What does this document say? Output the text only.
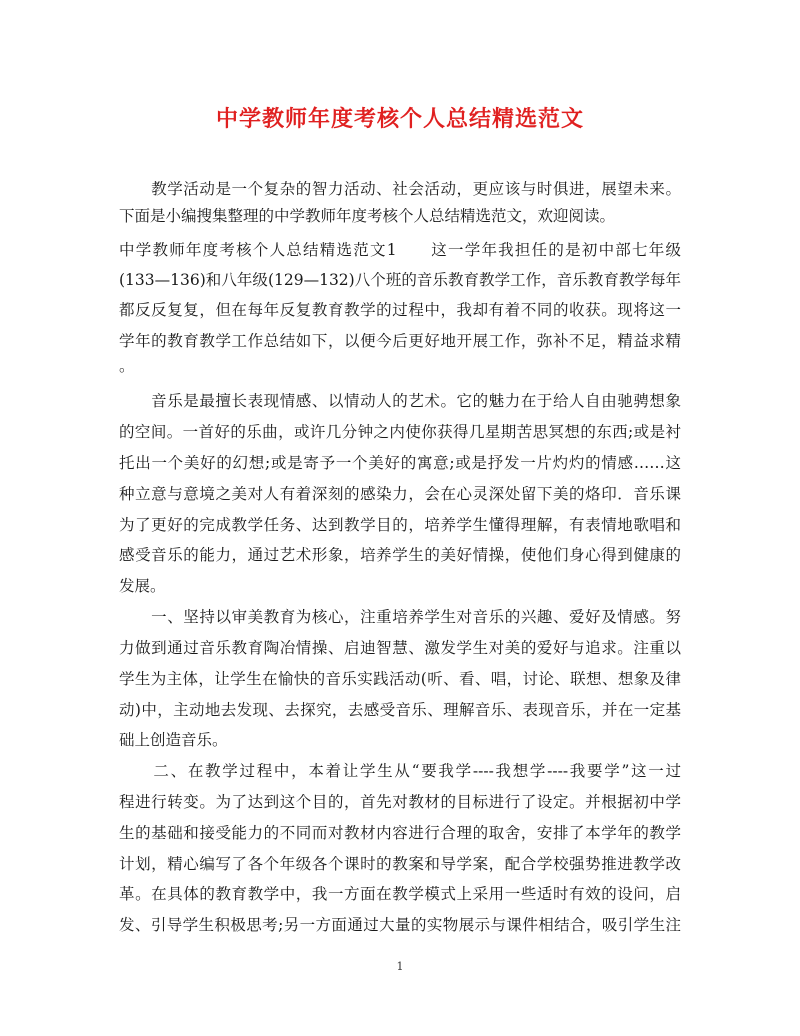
中学教师年度考核个人总结精选范文
　　教学活动是一个复杂的智力活动、社会活动，更应该与时俱进，展望未来。
下面是小编搜集整理的中学教师年度考核个人总结精选范文，欢迎阅读。
中学教师年度考核个人总结精选范文1　　这一学年我担任的是初中部七年级
(133—136)和八年级(129—132)八个班的音乐教育教学工作，音乐教育教学每年
都反反复复，但在每年反复教育教学的过程中，我却有着不同的收获。现将这一
学年的教育教学工作总结如下，以便今后更好地开展工作，弥补不足，精益求精
。
　　音乐是最擅长表现情感、以情动人的艺术。它的魅力在于给人自由驰骋想象
的空间。一首好的乐曲，或许几分钟之内使你获得几星期苦思冥想的东西;或是衬
托出一个美好的幻想;或是寄予一个美好的寓意;或是抒发一片灼灼的情感……这
种立意与意境之美对人有着深刻的感染力，会在心灵深处留下美的烙印．音乐课
为了更好的完成教学任务、达到教学目的，培养学生懂得理解，有表情地歌唱和
感受音乐的能力，通过艺术形象，培养学生的美好情操，使他们身心得到健康的
发展。
　　一、坚持以审美教育为核心，注重培养学生对音乐的兴趣、爱好及情感。努
力做到通过音乐教育陶冶情操、启迪智慧、激发学生对美的爱好与追求。注重以
学生为主体，让学生在愉快的音乐实践活动(听、看、唱，讨论、联想、想象及律
动)中，主动地去发现、去探究，去感受音乐、理解音乐、表现音乐，并在一定基
础上创造音乐。
　　二、在教学过程中，本着让学生从“要我学----我想学----我要学”这一过
程进行转变。为了达到这个目的，首先对教材的目标进行了设定。并根据初中学
生的基础和接受能力的不同而对教材内容进行合理的取舍，安排了本学年的教学
计划，精心编写了各个年级各个课时的教案和导学案，配合学校强势推进教学改
革。在具体的教育教学中，我一方面在教学模式上采用一些适时有效的设问，启
发、引导学生积极思考;另一方面通过大量的实物展示与课件相结合，吸引学生注
1
